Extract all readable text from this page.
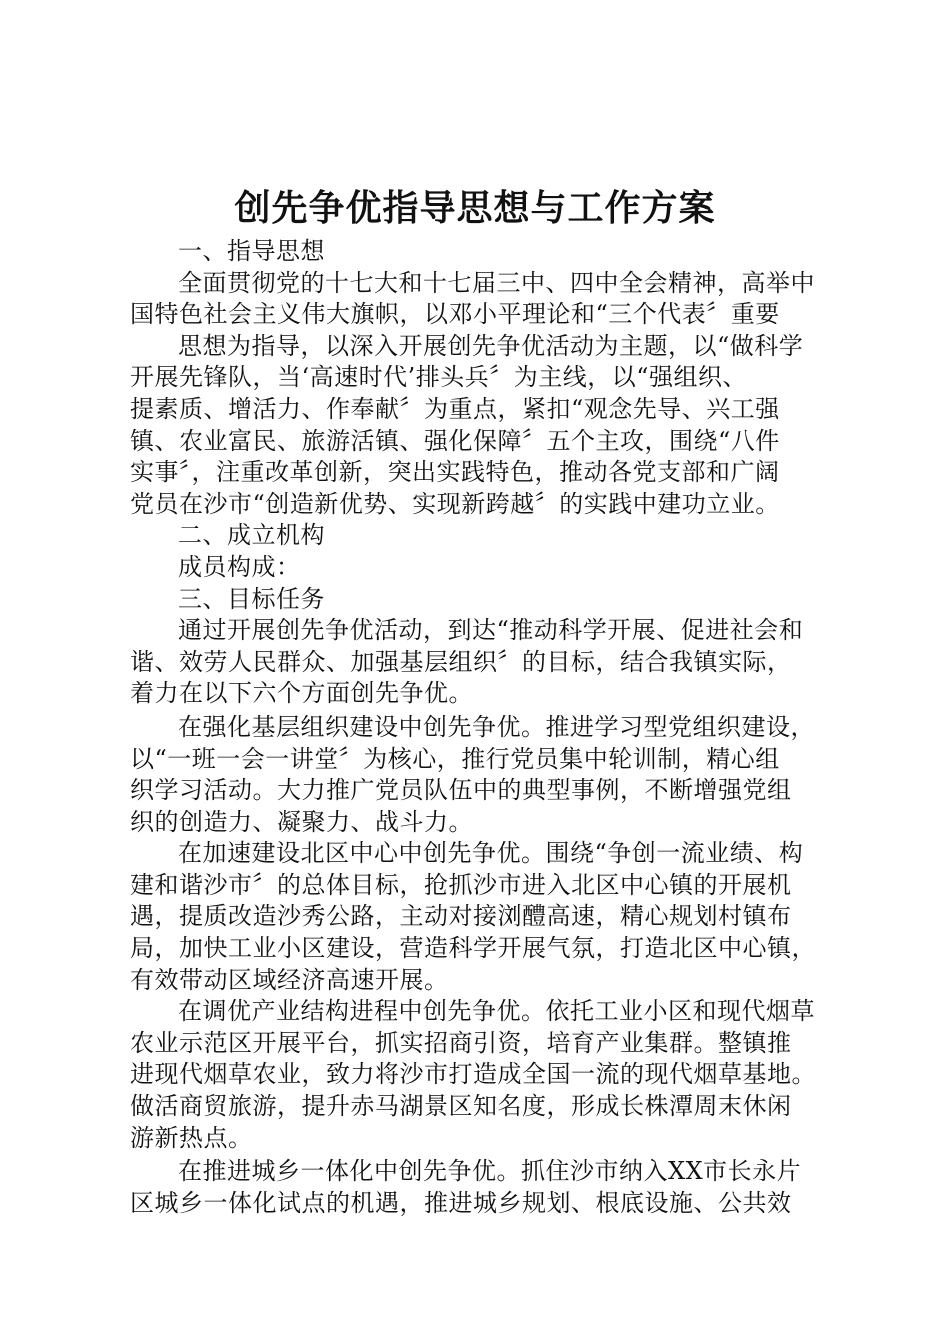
创先争优指导思想与工作方案
一、指导思想
全面贯彻党的十七大和十七届三中、四中全会精神，高举中
国特色社会主义伟大旗帜，以邓小平理论和“三个代表〞重要
思想为指导，以深入开展创先争优活动为主题，以“做科学
开展先锋队，当‘高速时代’排头兵〞为主线，以“强组织、
提素质、增活力、作奉献〞为重点，紧扣“观念先导、兴工强
镇、农业富民、旅游活镇、强化保障〞五个主攻，围绕“八件
实事〞，注重改革创新，突出实践特色，推动各党支部和广阔
党员在沙市“创造新优势、实现新跨越〞的实践中建功立业。
二、成立机构
成员构成：
三、目标任务
通过开展创先争优活动，到达“推动科学开展、促进社会和
谐、效劳人民群众、加强基层组织〞的目标，结合我镇实际，
着力在以下六个方面创先争优。
在强化基层组织建设中创先争优。推进学习型党组织建设，
以“一班一会一讲堂〞为核心，推行党员集中轮训制，精心组
织学习活动。大力推广党员队伍中的典型事例，不断增强党组
织的创造力、凝聚力、战斗力。
在加速建设北区中心中创先争优。围绕“争创一流业绩、构
建和谐沙市〞的总体目标，抢抓沙市进入北区中心镇的开展机
遇，提质改造沙秀公路，主动对接浏醴高速，精心规划村镇布
局，加快工业小区建设，营造科学开展气氛，打造北区中心镇，
有效带动区域经济高速开展。
在调优产业结构进程中创先争优。依托工业小区和现代烟草
农业示范区开展平台，抓实招商引资，培育产业集群。整镇推
进现代烟草农业，致力将沙市打造成全国一流的现代烟草基地。
做活商贸旅游，提升赤马湖景区知名度，形成长株潭周末休闲
游新热点。
在推进城乡一体化中创先争优。抓住沙市纳入XX市长永片
区城乡一体化试点的机遇，推进城乡规划、根底设施、公共效
